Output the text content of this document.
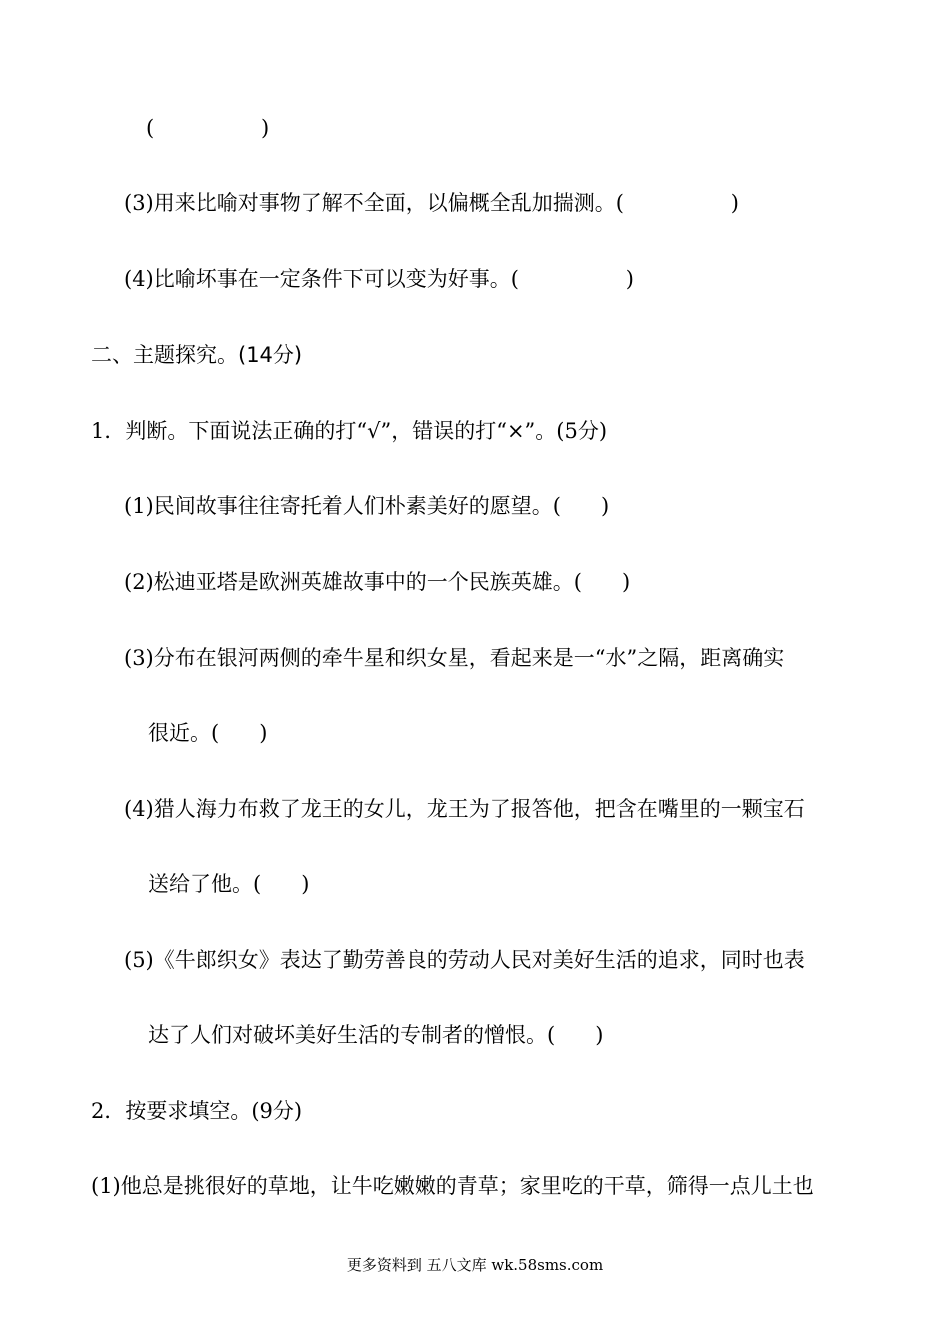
(                )
(3)用来比喻对事物了解不全面，以偏概全乱加揣测。(                )
(4)比喻坏事在一定条件下可以变为好事。(                )
二、主题探究。(14分)
1．判断。下面说法正确的打“√”，错误的打“×”。(5分)
(1)民间故事往往寄托着人们朴素美好的愿望。(      )
(2)松迪亚塔是欧洲英雄故事中的一个民族英雄。(      )
(3)分布在银河两侧的牵牛星和织女星，看起来是一“水”之隔，距离确实
很近。(      )
(4)猎人海力布救了龙王的女儿，龙王为了报答他，把含在嘴里的一颗宝石
送给了他。(      )
(5)《牛郎织女》表达了勤劳善良的劳动人民对美好生活的追求，同时也表
达了人们对破坏美好生活的专制者的憎恨。(      )
2．按要求填空。(9分)
(1)他总是挑很好的草地，让牛吃嫩嫩的青草；家里吃的干草，筛得一点儿土也
更多资料到 五八文库 wk.58sms.com
